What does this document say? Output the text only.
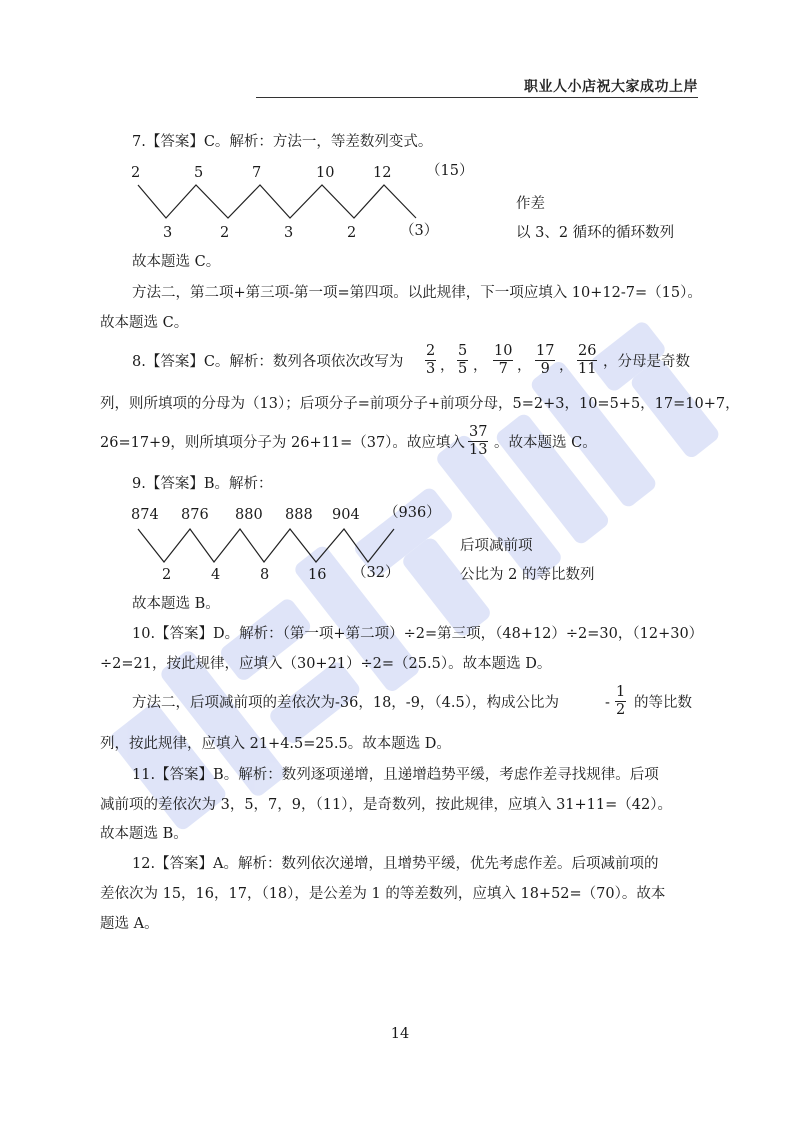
职业人小店祝大家成功上岸
7.【答案】C。解析：方法一，等差数列变式。
2	5	7	10	12 （15）
3	2	3	2	（3）
作差
以 3、2 循环的循环数列
故本题选 C。
方法二，第二项+第三项-第一项=第四项。以此规律，下一项应填入 10+12-7=（15）。
故本题选 C。
8.【答案】C。解析：数列各项依次改写为 $\frac{2}{3}$ ， $\frac{5}{5}$ ， $\frac{10}{7}$ ， $\frac{17}{9}$ ， $\frac{26}{11}$ ，分母是奇数
列，则所填项的分母为（13）；后项分子=前项分子+前项分母，5=2+3，10=5+5，17=10+7，
26=17+9，则所填项分子为 26+11=（37）。故应填入 $\frac{37}{13}$ 。故本题选 C。
9.【答案】B。解析：
874 876 880 888 904 （936）
2	4	8	16 （32）
后项减前项
公比为 2 的等比数列
故本题选 B。
10.【答案】D。解析：（第一项+第二项）÷2=第三项，（48+12）÷2=30，（12+30）
÷2=21，按此规律，应填入（30+21）÷2=（25.5）。故本题选 D。
方法二，后项减前项的差依次为-36，18，-9，（4.5），构成公比为	- $\frac{1}{2}$ 的等比数
列，按此规律，应填入 21+4.5=25.5。故本题选 D。
11.【答案】B。解析：数列逐项递增，且递增趋势平缓，考虑作差寻找规律。后项
减前项的差依次为 3，5，7，9，（11），是奇数列，按此规律，应填入 31+11=（42）。
故本题选 B。
12.【答案】A。解析：数列依次递增，且增势平缓，优先考虑作差。后项减前项的
差依次为 15，16，17，（18），是公差为 1 的等差数列，应填入 18+52=（70）。故本
题选 A。
14
